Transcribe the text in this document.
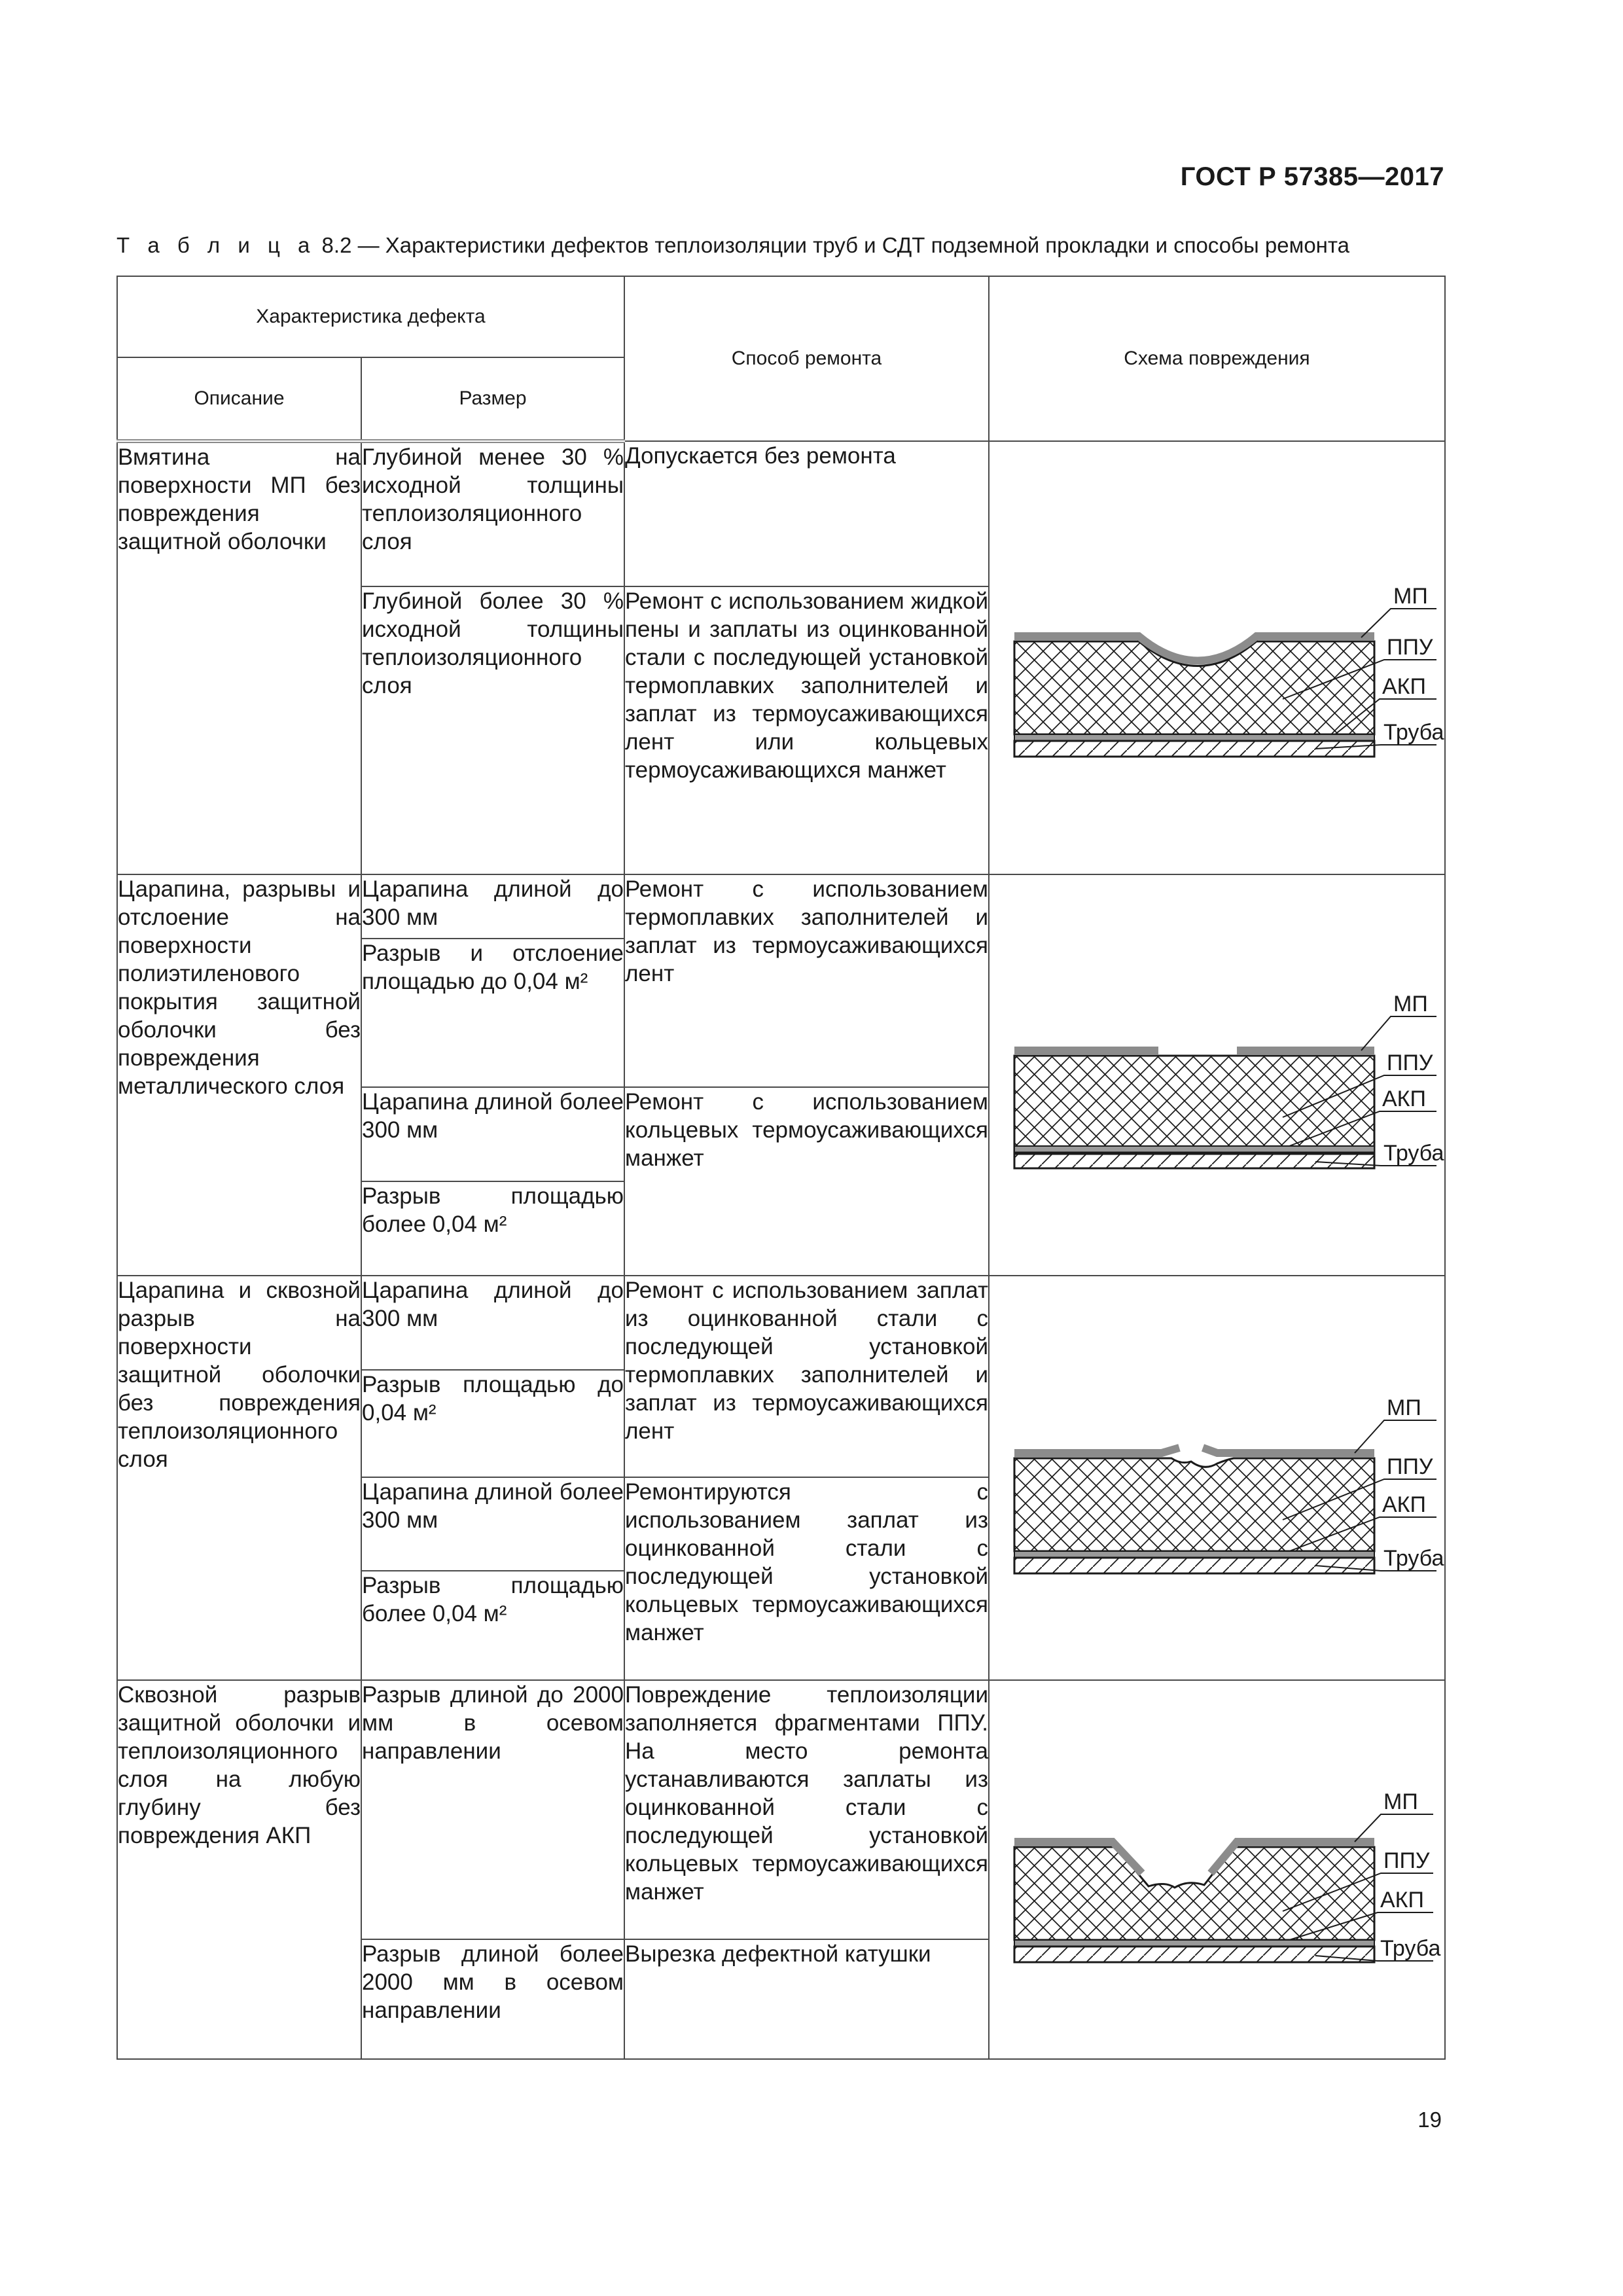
ГОСТ Р 57385—2017
Т а б л и ц а 8.2 — Характеристики дефектов теплоизоляции труб и СДТ подземной прокладки и способы ремонта
Характеристика дефекта		Способ ремонта	Схема повреждения
Описание	Размер		

Вмятина на поверхности МП без повреждения защитной оболочки	Глубиной менее 30 % исходной толщины теплоизоляционного слоя	Допускается без ремонта	МП
ППУ
АКП
Труба

	Глубиной более 30 % исходной толщины теплоизоляционного слоя	Ремонт с использованием жидкой пены и заплаты из оцинкованной стали с последующей установкой термоплавких заполнителей и заплат из термоусаживающихся лент или кольцевых термоусаживающихся манжет	

Царапина, разрывы и отслоение на поверхности полиэтиленового покрытия защитной оболочки без повреждения металлического слоя	Царапина длиной до 300 мм	Ремонт с использованием термоплавких заполнителей и заплат из термоусаживающихся лент	МП
ППУ
АКП
Труба

	Разрыв и отслоение площадью до 0,04 м²		

	Царапина длиной более 300 мм	Ремонт с использованием кольцевых термоусаживающихся манжет	

	Разрыв площадью более 0,04 м²		

Царапина и сквозной разрыв на поверхности защитной оболочки без повреждения теплоизоляционного слоя	Царапина длиной до 300 мм	Ремонт с использованием заплат из оцинкованной стали с последующей установкой термоплавких заполнителей и заплат из термоусаживающихся лент	МП
ППУ
АКП
Труба

	Разрыв площадью до 0,04 м²		

	Царапина длиной более 300 мм	Ремонтируются с использованием заплат из оцинкованной стали с последующей установкой кольцевых термоусаживающихся манжет	

	Разрыв площадью более 0,04 м²		

Сквозной разрыв защитной оболочки и теплоизоляционного слоя на любую глубину без повреждения АКП	Разрыв длиной до 2000 мм в осевом направлении	Повреждение теплоизоляции заполняется фрагментами ППУ. На место ремонта устанавливаются заплаты из оцинкованной стали с последующей установкой кольцевых термоусаживающихся манжет	МП
ППУ
АКП
Труба

	Разрыв длиной более 2000 мм в осевом направлении	Вырезка дефектной катушки	

19
